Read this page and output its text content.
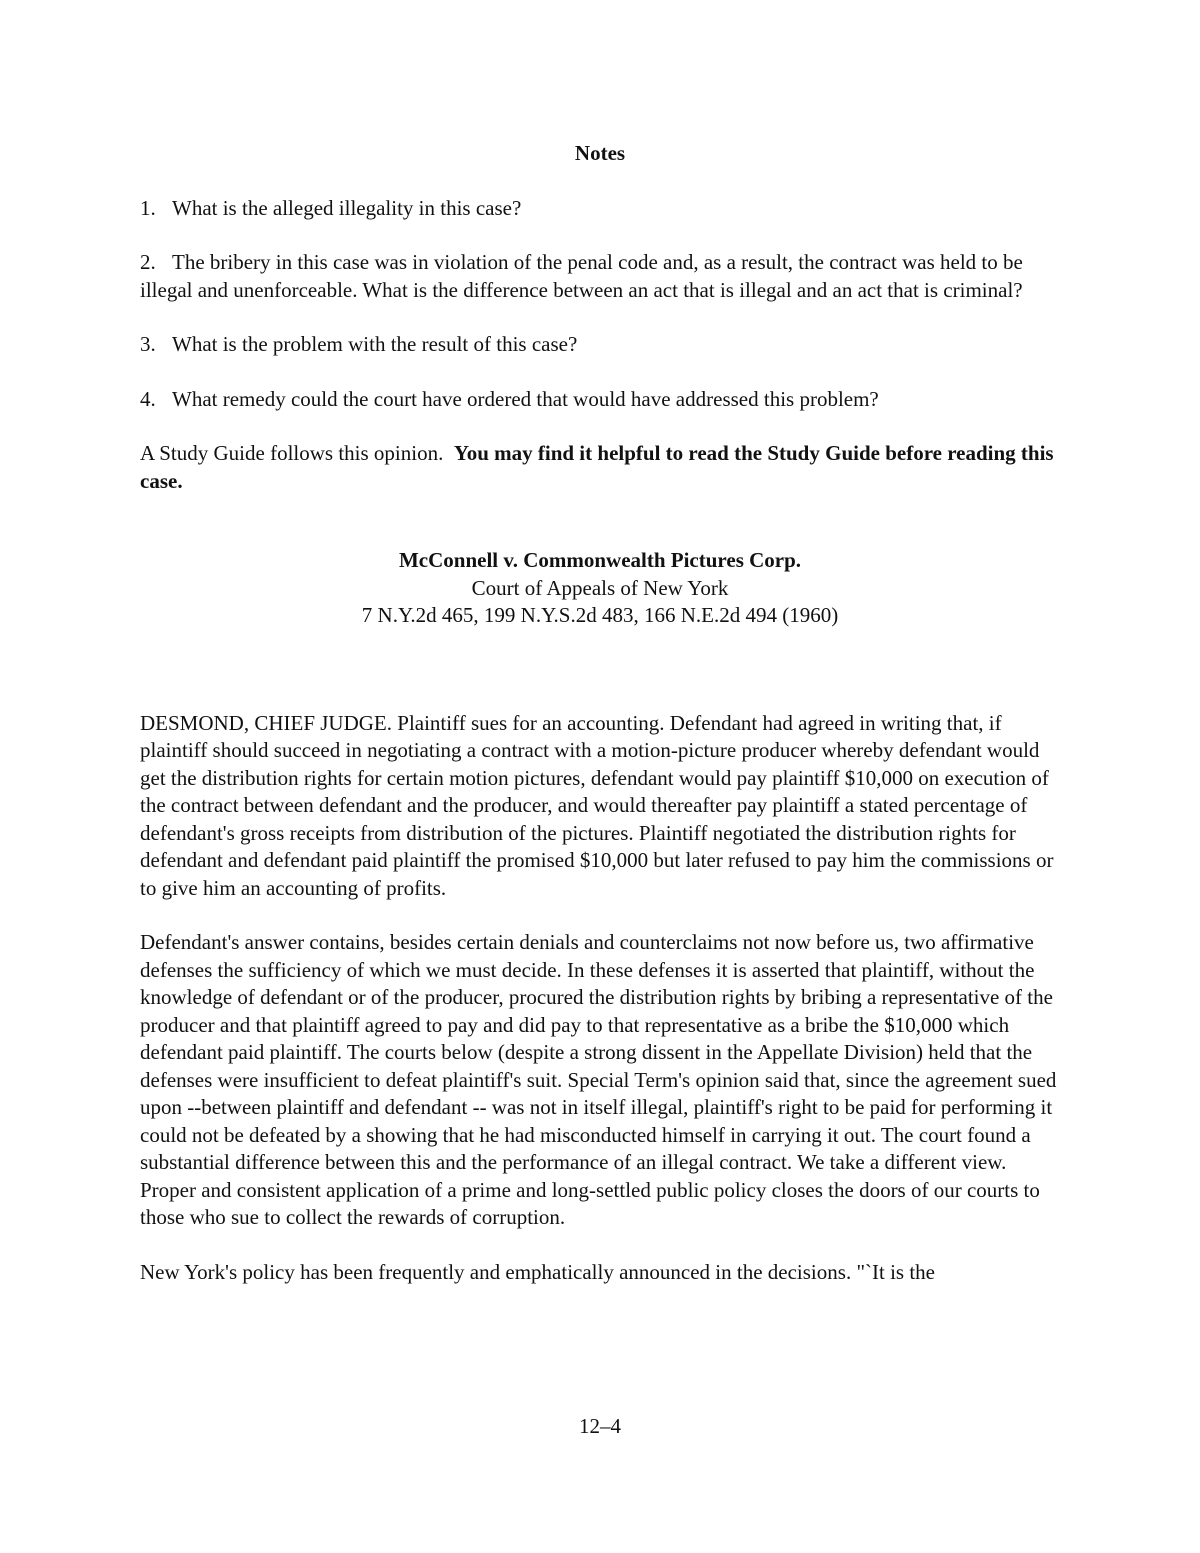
Notes

1. What is the alleged illegality in this case?

2. The bribery in this case was in violation of the penal code and, as a result, the contract was held to be illegal and unenforceable. What is the difference between an act that is illegal and an act that is criminal?

3. What is the problem with the result of this case?

4. What remedy could the court have ordered that would have addressed this problem?

A Study Guide follows this opinion. You may find it helpful to read the Study Guide before reading this case.

McConnell v. Commonwealth Pictures Corp.
Court of Appeals of New York
7 N.Y.2d 465, 199 N.Y.S.2d 483, 166 N.E.2d 494 (1960)

DESMOND, CHIEF JUDGE. Plaintiff sues for an accounting. Defendant had agreed in writing that, if plaintiff should succeed in negotiating a contract with a motion-picture producer whereby defendant would get the distribution rights for certain motion pictures, defendant would pay plaintiff $10,000 on execution of the contract between defendant and the producer, and would thereafter pay plaintiff a stated percentage of defendant's gross receipts from distribution of the pictures. Plaintiff negotiated the distribution rights for defendant and defendant paid plaintiff the promised $10,000 but later refused to pay him the commissions or to give him an accounting of profits.

Defendant's answer contains, besides certain denials and counterclaims not now before us, two affirmative defenses the sufficiency of which we must decide. In these defenses it is asserted that plaintiff, without the knowledge of defendant or of the producer, procured the distribution rights by bribing a representative of the producer and that plaintiff agreed to pay and did pay to that representative as a bribe the $10,000 which defendant paid plaintiff. The courts below (despite a strong dissent in the Appellate Division) held that the defenses were insufficient to defeat plaintiff's suit. Special Term's opinion said that, since the agreement sued upon --between plaintiff and defendant -- was not in itself illegal, plaintiff's right to be paid for performing it could not be defeated by a showing that he had misconducted himself in carrying it out. The court found a substantial difference between this and the performance of an illegal contract. We take a different view. Proper and consistent application of a prime and long-settled public policy closes the doors of our courts to those who sue to collect the rewards of corruption.

New York's policy has been frequently and emphatically announced in the decisions. "`It is the

12–4
